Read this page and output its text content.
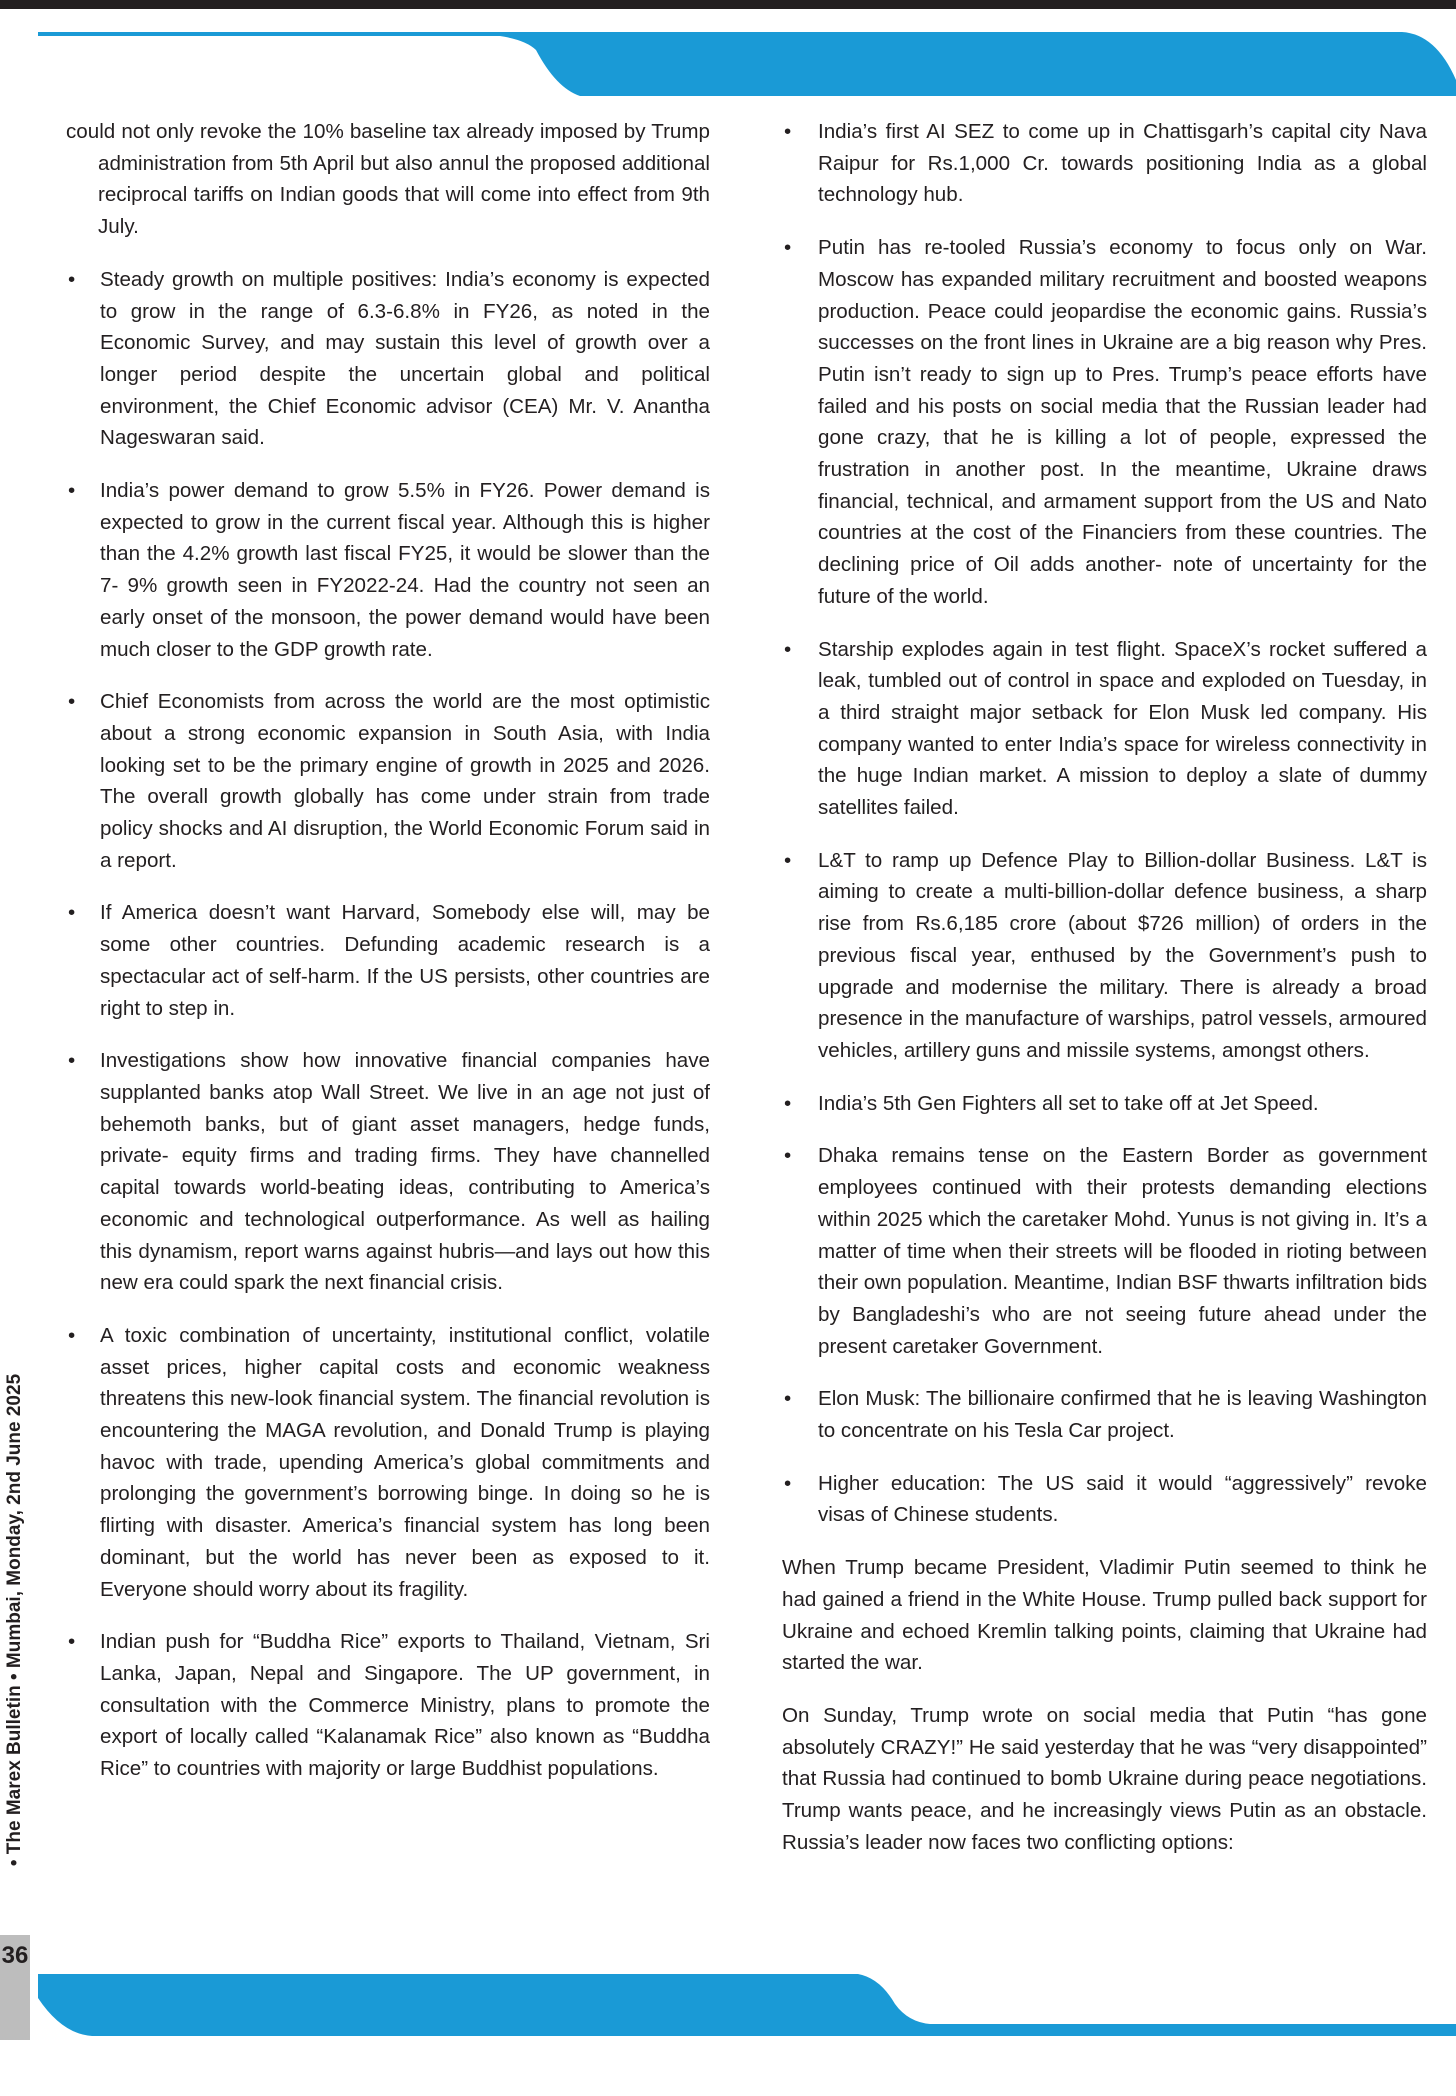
36
• The Marex Bulletin • Mumbai, Monday, 2nd June 2025

could not only revoke the 10% baseline tax already imposed by Trump administration from 5th April but also annul the proposed additional reciprocal tariffs on Indian goods that will come into effect from 9th July.

• Steady growth on multiple positives: India’s economy is expected to grow in the range of 6.3-6.8% in FY26, as noted in the Economic Survey, and may sustain this level of growth over a longer period despite the uncertain global and political environment, the Chief Economic advisor (CEA) Mr. V. Anantha Nageswaran said.
• India’s power demand to grow 5.5% in FY26. Power demand is expected to grow in the current fiscal year. Although this is higher than the 4.2% growth last fiscal FY25, it would be slower than the 7- 9% growth seen in FY2022-24. Had the country not seen an early onset of the monsoon, the power demand would have been much closer to the GDP growth rate.
• Chief Economists from across the world are the most optimistic about a strong economic expansion in South Asia, with India looking set to be the primary engine of growth in 2025 and 2026. The overall growth globally has come under strain from trade policy shocks and AI disruption, the World Economic Forum said in a report.
• If America doesn’t want Harvard, Somebody else will, may be some other countries. Defunding academic research is a spectacular act of self-harm. If the US persists, other countries are right to step in.
• Investigations show how innovative financial companies have supplanted banks atop Wall Street. We live in an age not just of behemoth banks, but of giant asset managers, hedge funds, private- equity firms and trading firms. They have channelled capital towards world-beating ideas, contributing to America’s economic and technological outperformance. As well as hailing this dynamism, report warns against hubris—and lays out how this new era could spark the next financial crisis.
• A toxic combination of uncertainty, institutional conflict, volatile asset prices, higher capital costs and economic weakness threatens this new-look financial system. The financial revolution is encountering the MAGA revolution, and Donald Trump is playing havoc with trade, upending America’s global commitments and prolonging the government’s borrowing binge. In doing so he is flirting with disaster. America’s financial system has long been dominant, but the world has never been as exposed to it. Everyone should worry about its fragility.
• Indian push for “Buddha Rice” exports to Thailand, Vietnam, Sri Lanka, Japan, Nepal and Singapore. The UP government, in consultation with the Commerce Ministry, plans to promote the export of locally called “Kalanamak Rice” also known as “Buddha Rice” to countries with majority or large Buddhist populations.
• India’s first AI SEZ to come up in Chattisgarh’s capital city Nava Raipur for Rs.1,000 Cr. towards positioning India as a global technology hub.
• Putin has re-tooled Russia’s economy to focus only on War. Moscow has expanded military recruitment and boosted weapons production. Peace could jeopardise the economic gains. Russia’s successes on the front lines in Ukraine are a big reason why Pres. Putin isn’t ready to sign up to Pres. Trump’s peace efforts have failed and his posts on social media that the Russian leader had gone crazy, that he is killing a lot of people, expressed the frustration in another post. In the meantime, Ukraine draws financial, technical, and armament support from the US and Nato countries at the cost of the Financiers from these countries. The declining price of Oil adds another- note of uncertainty for the future of the world.
• Starship explodes again in test flight. SpaceX’s rocket suffered a leak, tumbled out of control in space and exploded on Tuesday, in a third straight major setback for Elon Musk led company. His company wanted to enter India’s space for wireless connectivity in the huge Indian market. A mission to deploy a slate of dummy satellites failed.
• L&T to ramp up Defence Play to Billion-dollar Business. L&T is aiming to create a multi-billion-dollar defence business, a sharp rise from Rs.6,185 crore (about $726 million) of orders in the previous fiscal year, enthused by the Government’s push to upgrade and modernise the military. There is already a broad presence in the manufacture of warships, patrol vessels, armoured vehicles, artillery guns and missile systems, amongst others.
• India’s 5th Gen Fighters all set to take off at Jet Speed.
• Dhaka remains tense on the Eastern Border as government employees continued with their protests demanding elections within 2025 which the caretaker Mohd. Yunus is not giving in. It’s a matter of time when their streets will be flooded in rioting between their own population. Meantime, Indian BSF thwarts infiltration bids by Bangladeshi’s who are not seeing future ahead under the present caretaker Government.
• Elon Musk: The billionaire confirmed that he is leaving Washington to concentrate on his Tesla Car project.
• Higher education: The US said it would “aggressively” revoke visas of Chinese students.

When Trump became President, Vladimir Putin seemed to think he had gained a friend in the White House. Trump pulled back support for Ukraine and echoed Kremlin talking points, claiming that Ukraine had started the war.

On Sunday, Trump wrote on social media that Putin “has gone absolutely CRAZY!” He said yesterday that he was “very disappointed” that Russia had continued to bomb Ukraine during peace negotiations. Trump wants peace, and he increasingly views Putin as an obstacle. Russia’s leader now faces two conflicting options:
